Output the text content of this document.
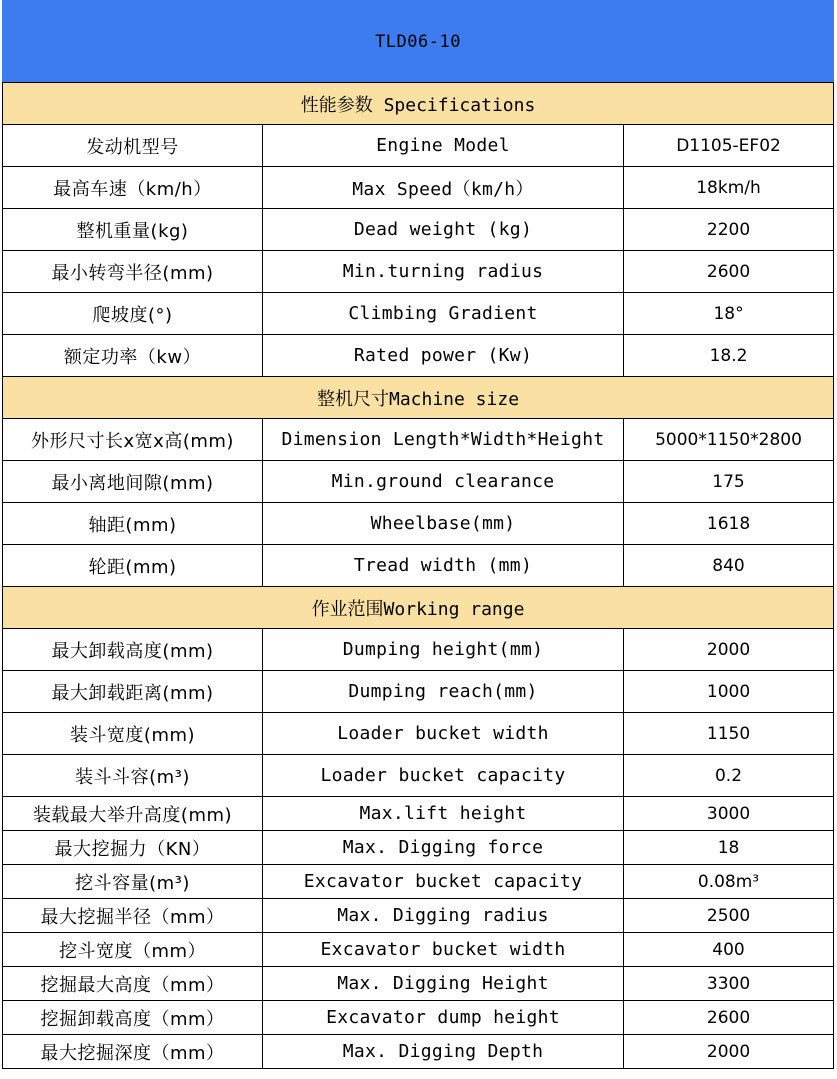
TLD06-10		
性能参数 Specifications		
发动机型号	Engine Model	D1105-EF02
最高车速（km/h）	Max Speed（km/h）	18km/h
整机重量(kg)	Dead weight (kg)	2200
最小转弯半径(mm)	Min.turning radius	2600
爬坡度(°)	Climbing Gradient	18°
额定功率（kw）	Rated power (Kw)	18.2
整机尺寸Machine size		
外形尺寸长x宽x高(mm)	Dimension Length*Width*Height	5000*1150*2800
最小离地间隙(mm)	Min.ground clearance	175
轴距(mm)	Wheelbase(mm)	1618
轮距(mm)	Tread width (mm)	840
作业范围Working range		
最大卸载高度(mm)	Dumping height(mm)	2000
最大卸载距离(mm)	Dumping reach(mm)	1000
装斗宽度(mm)	Loader bucket width	1150
装斗斗容(m³)	Loader bucket capacity	0.2
装载最大举升高度(mm)	Max.lift height	3000
最大挖掘力（KN）	Max. Digging force	18
挖斗容量(m³)	Excavator bucket capacity	0.08m³
最大挖掘半径（mm）	Max. Digging radius	2500
挖斗宽度（mm）	Excavator bucket width	400
挖掘最大高度（mm）	Max. Digging Height	3300
挖掘卸载高度（mm）	Excavator dump height	2600
最大挖掘深度（mm）	Max. Digging Depth	2000
